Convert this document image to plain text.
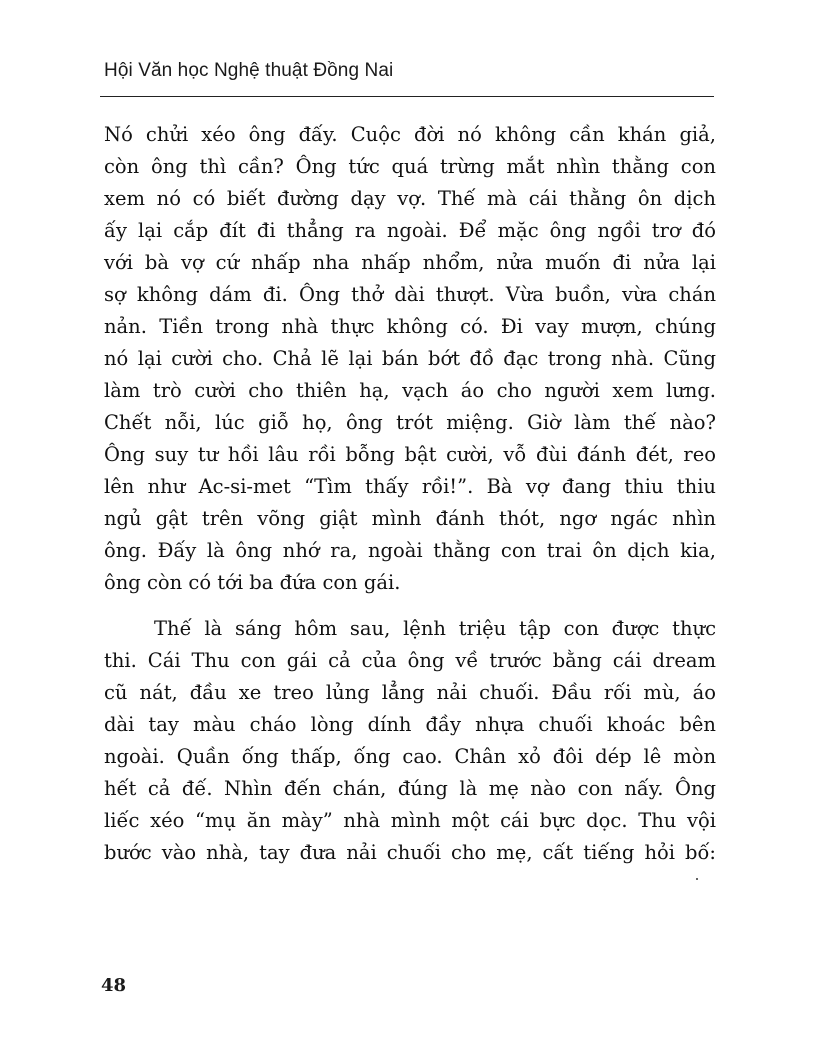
Hội Văn học Nghệ thuật Đồng Nai
Nó chửi xéo ông đấy. Cuộc đời nó không cần khán giả,
còn ông thì cần? Ông tức quá trừng mắt nhìn thằng con
xem nó có biết đường dạy vợ. Thế mà cái thằng ôn dịch
ấy lại cắp đít đi thẳng ra ngoài. Để mặc ông ngồi trơ đó
với bà vợ cứ nhấp nha nhấp nhổm, nửa muốn đi nửa lại
sợ không dám đi. Ông thở dài thượt. Vừa buồn, vừa chán
nản. Tiền trong nhà thực không có. Đi vay mượn, chúng
nó lại cười cho. Chả lẽ lại bán bớt đồ đạc trong nhà. Cũng
làm trò cười cho thiên hạ, vạch áo cho người xem lưng.
Chết nỗi, lúc giỗ họ, ông trót miệng. Giờ làm thế nào?
Ông suy tư hồi lâu rồi bỗng bật cười, vỗ đùi đánh đét, reo
lên như Ac-si-met “Tìm thấy rồi!”. Bà vợ đang thiu thiu
ngủ gật trên võng giật mình đánh thót, ngơ ngác nhìn
ông. Đấy là ông nhớ ra, ngoài thằng con trai ôn dịch kia,
ông còn có tới ba đứa con gái.
Thế là sáng hôm sau, lệnh triệu tập con được thực
thi. Cái Thu con gái cả của ông về trước bằng cái dream
cũ nát, đầu xe treo lủng lẳng nải chuối. Đầu rối mù, áo
dài tay màu cháo lòng dính đầy nhựa chuối khoác bên
ngoài. Quần ống thấp, ống cao. Chân xỏ đôi dép lê mòn
hết cả đế. Nhìn đến chán, đúng là mẹ nào con nấy. Ông
liếc xéo “mụ ăn mày” nhà mình một cái bực dọc. Thu vội
bước vào nhà, tay đưa nải chuối cho mẹ, cất tiếng hỏi bố:
48
